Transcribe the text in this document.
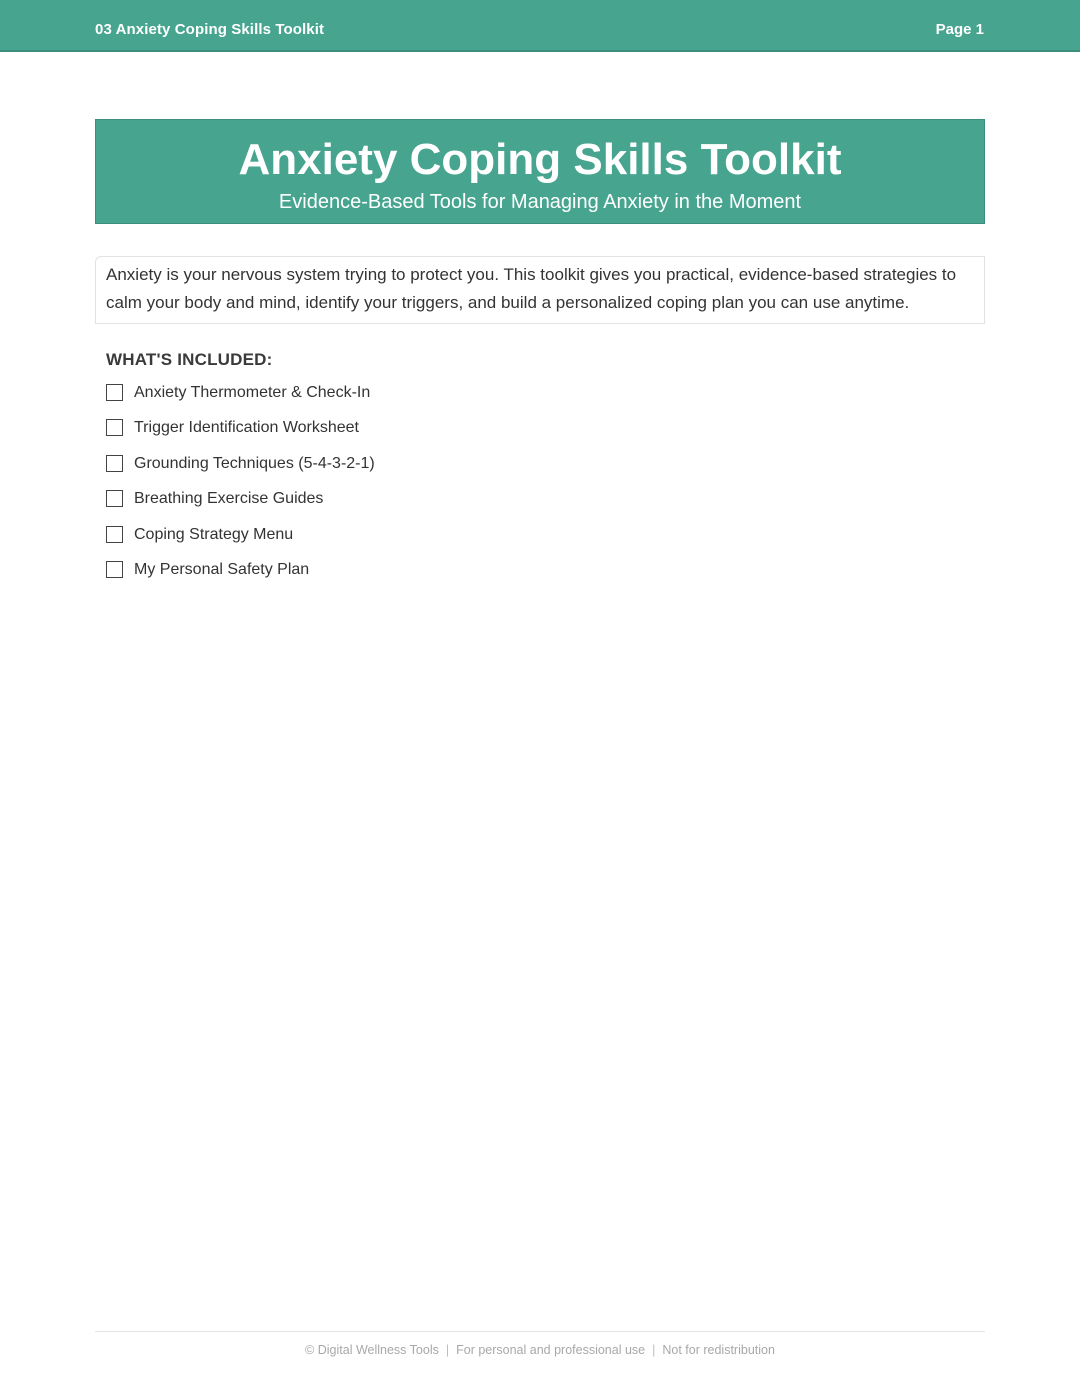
03 Anxiety Coping Skills Toolkit	Page 1
Anxiety Coping Skills Toolkit
Evidence-Based Tools for Managing Anxiety in the Moment
Anxiety is your nervous system trying to protect you. This toolkit gives you practical, evidence-based strategies to calm your body and mind, identify your triggers, and build a personalized coping plan you can use anytime.
WHAT'S INCLUDED:
Anxiety Thermometer & Check-In
Trigger Identification Worksheet
Grounding Techniques (5-4-3-2-1)
Breathing Exercise Guides
Coping Strategy Menu
My Personal Safety Plan
© Digital Wellness Tools | For personal and professional use | Not for redistribution
